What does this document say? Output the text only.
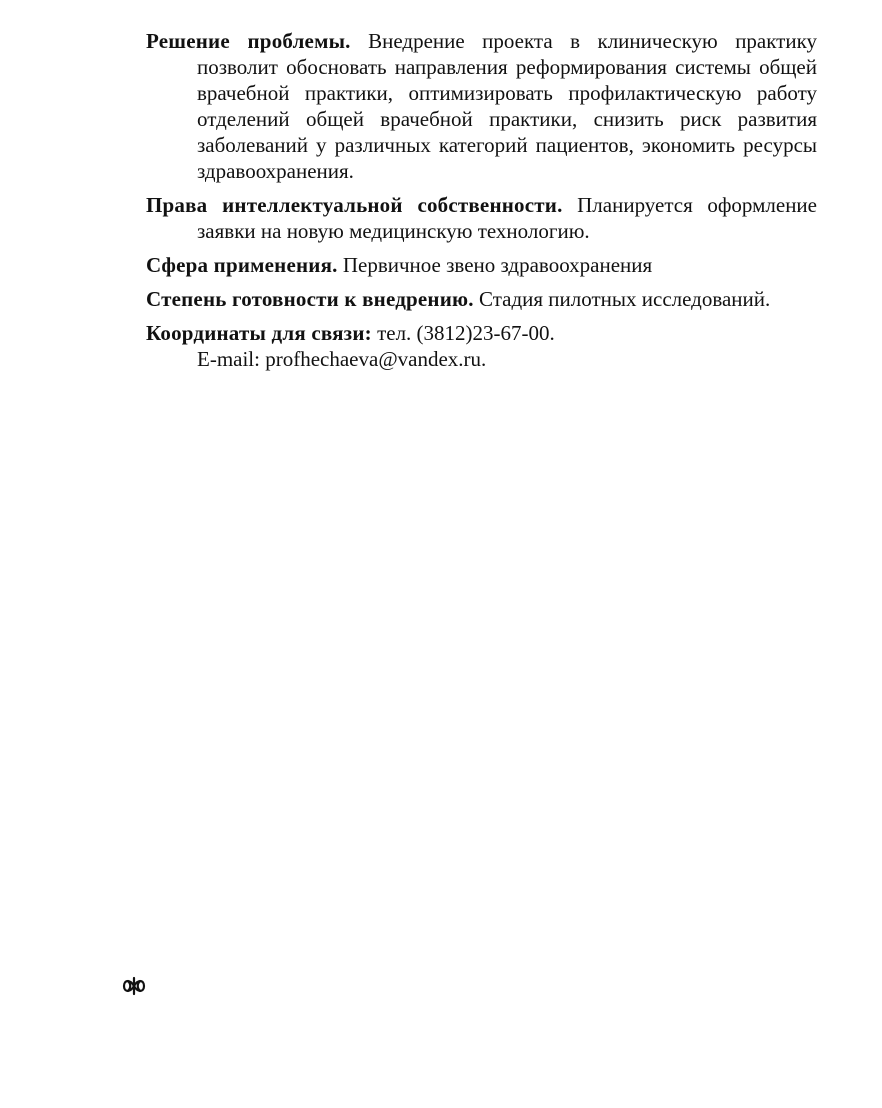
Решение проблемы. Внедрение проекта в клиническую практику позволит обосновать направления реформирования системы общей врачебной практики, оптимизировать профилактическую работу отделений общей врачебной практики, снизить риск развития заболеваний у различных категорий пациентов, экономить ресурсы здравоохранения.

Права интеллектуальной собственности. Планируется оформление заявки на новую медицинскую технологию.

Сфера применения. Первичное звено здравоохранения

Степень готовности к внедрению. Стадия пилотных исследований.

Координаты для связи: тел. (3812)23-67-00.
E-mail: profhechaeva@vandex.ru.
